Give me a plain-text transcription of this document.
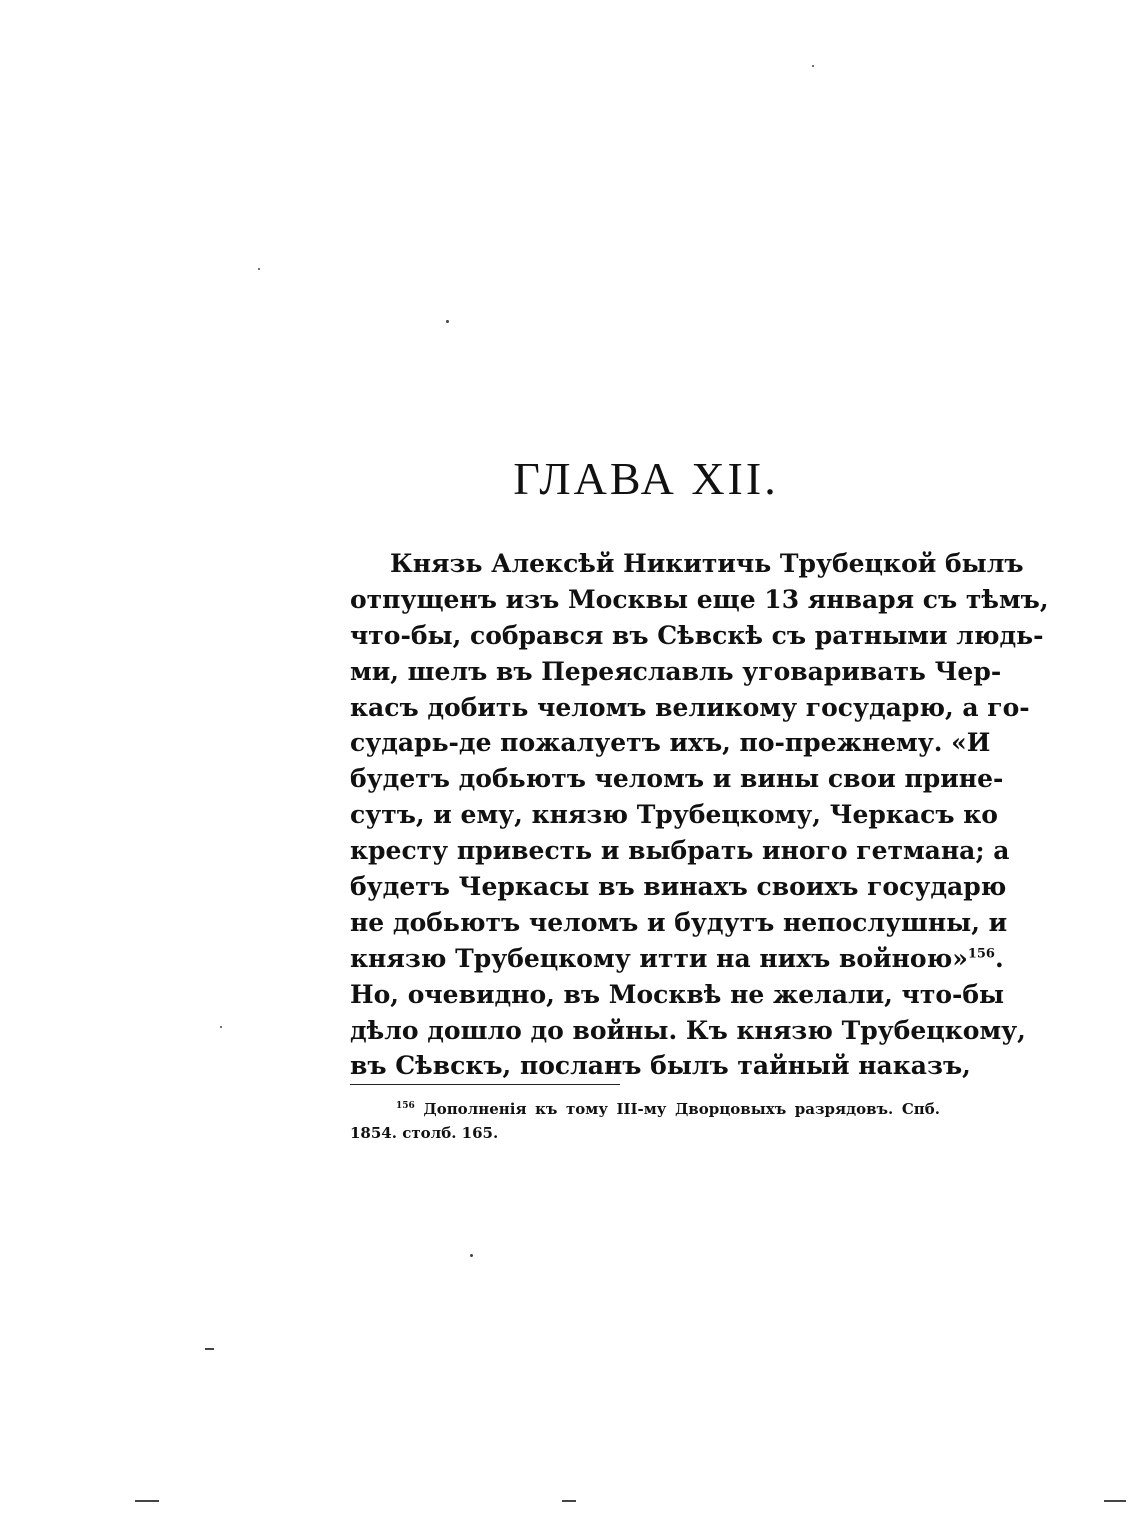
ГЛАВА XII.
Князь Алексѣй Никитичь Трубецкой былъ
отпущенъ изъ Москвы еще 13 января съ тѣмъ,
что-бы, собрався въ Сѣвскѣ съ ратными людь-
ми, шелъ въ Переяславль уговаривать Чер-
касъ добить челомъ великому государю, а го-
сударь-де пожалуетъ ихъ, по-прежнему. «И
будетъ добьютъ челомъ и вины свои прине-
сутъ, и ему, князю Трубецкому, Черкасъ ко
кресту привесть и выбрать иного гетмана; а
будетъ Черкасы въ винахъ своихъ государю
не добьютъ челомъ и будутъ непослушны, и
князю Трубецкому итти на нихъ войною»$^{156}$.
Но, очевидно, въ Москвѣ не желали, что-бы
дѣло дошло до войны. Къ князю Трубецкому,
въ Сѣвскъ, посланъ былъ тайный наказъ,
$^{156}$ Дополненія къ тому III-му Дворцовыхъ разрядовъ. Спб.
1854. столб. 165.
